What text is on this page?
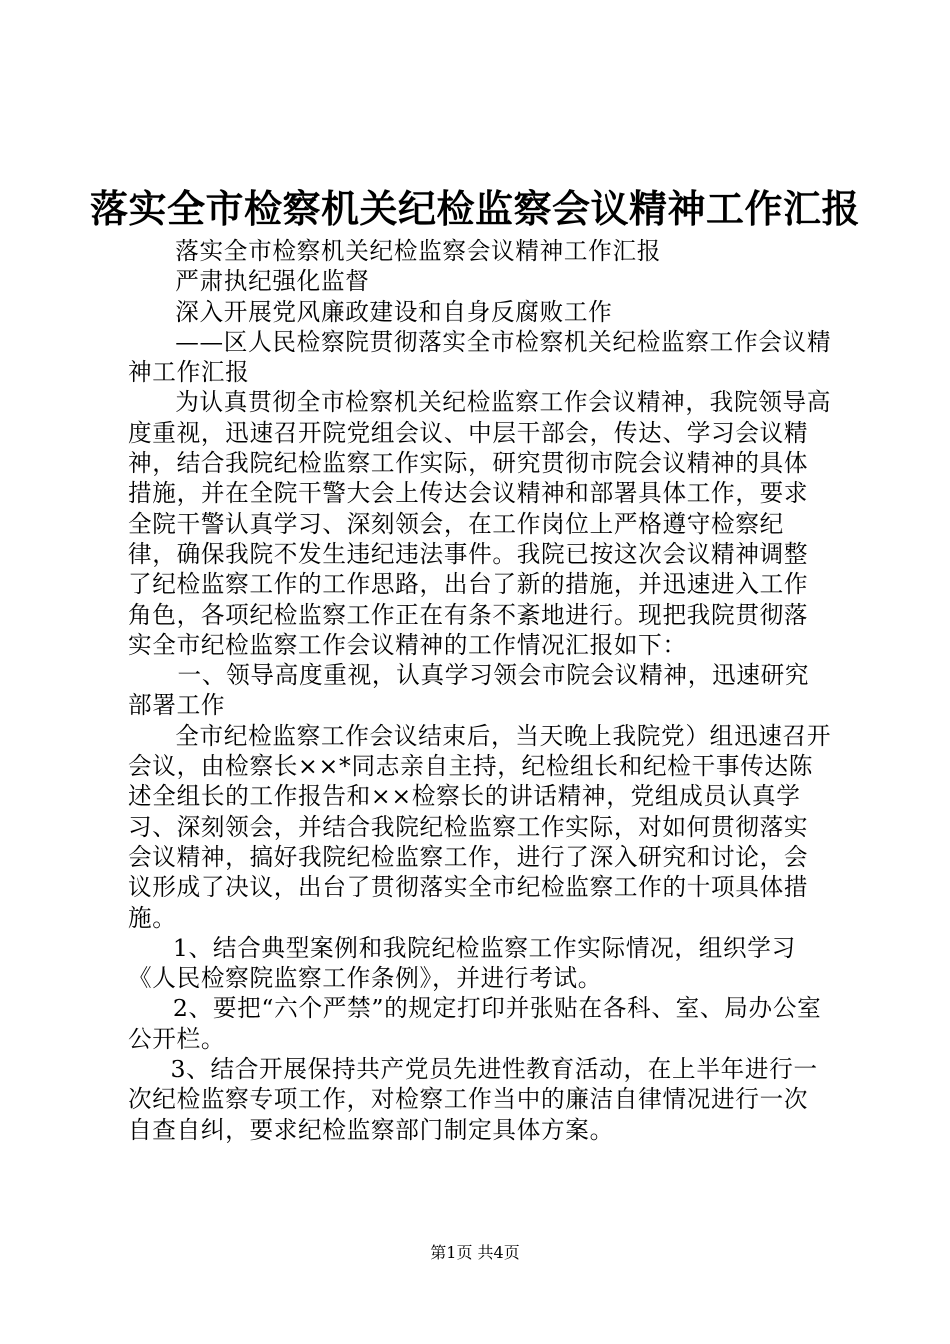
落实全市检察机关纪检监察会议精神工作汇报

落实全市检察机关纪检监察会议精神工作汇报

严肃执纪强化监督

深入开展党风廉政建设和自身反腐败工作

——区人民检察院贯彻落实全市检察机关纪检监察工作会议精神工作汇报

为认真贯彻全市检察机关纪检监察工作会议精神，我院领导高度重视，迅速召开院党组会议、中层干部会，传达、学习会议精神，结合我院纪检监察工作实际，研究贯彻市院会议精神的具体措施，并在全院干警大会上传达会议精神和部署具体工作，要求全院干警认真学习、深刻领会，在工作岗位上严格遵守检察纪律，确保我院不发生违纪违法事件。我院已按这次会议精神调整了纪检监察工作的工作思路，出台了新的措施，并迅速进入工作角色，各项纪检监察工作正在有条不紊地进行。现把我院贯彻落实全市纪检监察工作会议精神的工作情况汇报如下：

一、领导高度重视，认真学习领会市院会议精神，迅速研究部署工作

全市纪检监察工作会议结束后，当天晚上我院党）组迅速召开会议，由检察长××*同志亲自主持，纪检组长和纪检干事传达陈述全组长的工作报告和××检察长的讲话精神，党组成员认真学习、深刻领会，并结合我院纪检监察工作实际，对如何贯彻落实会议精神，搞好我院纪检监察工作，进行了深入研究和讨论，会议形成了决议，出台了贯彻落实全市纪检监察工作的十项具体措施。

1、结合典型案例和我院纪检监察工作实际情况，组织学习《人民检察院监察工作条例》，并进行考试。

2、要把“六个严禁”的规定打印并张贴在各科、室、局办公室公开栏。

3、结合开展保持共产党员先进性教育活动，在上半年进行一次纪检监察专项工作，对检察工作当中的廉洁自律情况进行一次自查自纠，要求纪检监察部门制定具体方案。

第1页 共4页
